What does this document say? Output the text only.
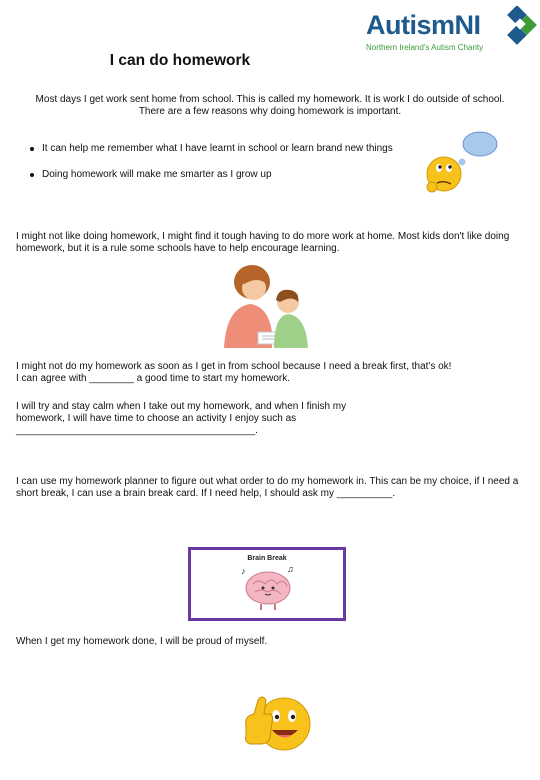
AutismNI
Northern Ireland's Autism Charity
I can do homework
Most days I get work sent home from school. This is called my homework. It is work I do outside of school. There are a few reasons why doing homework is important.
It can help me remember what I have learnt in school or learn brand new things
Doing homework will make me smarter as I grow up
I might not like doing homework, I might find it tough having to do more work at home. Most kids don't like doing homework, but it is a rule some schools have to help encourage learning.
I might not do my homework as soon as I get in from school because I need a break first, that's ok!
I can agree with ________ a good time to start my homework.
I will try and stay calm when I take out my homework, and when I finish my
homework, I will have time to choose an activity I enjoy such as
___________________________________________.
I can use my homework planner to figure out what order to do my homework in. This can be my choice, if I need a short break, I can use a brain break card. If I need help, I should ask my __________.
Brain Break
♪	♫
When I get my homework done, I will be proud of myself.
